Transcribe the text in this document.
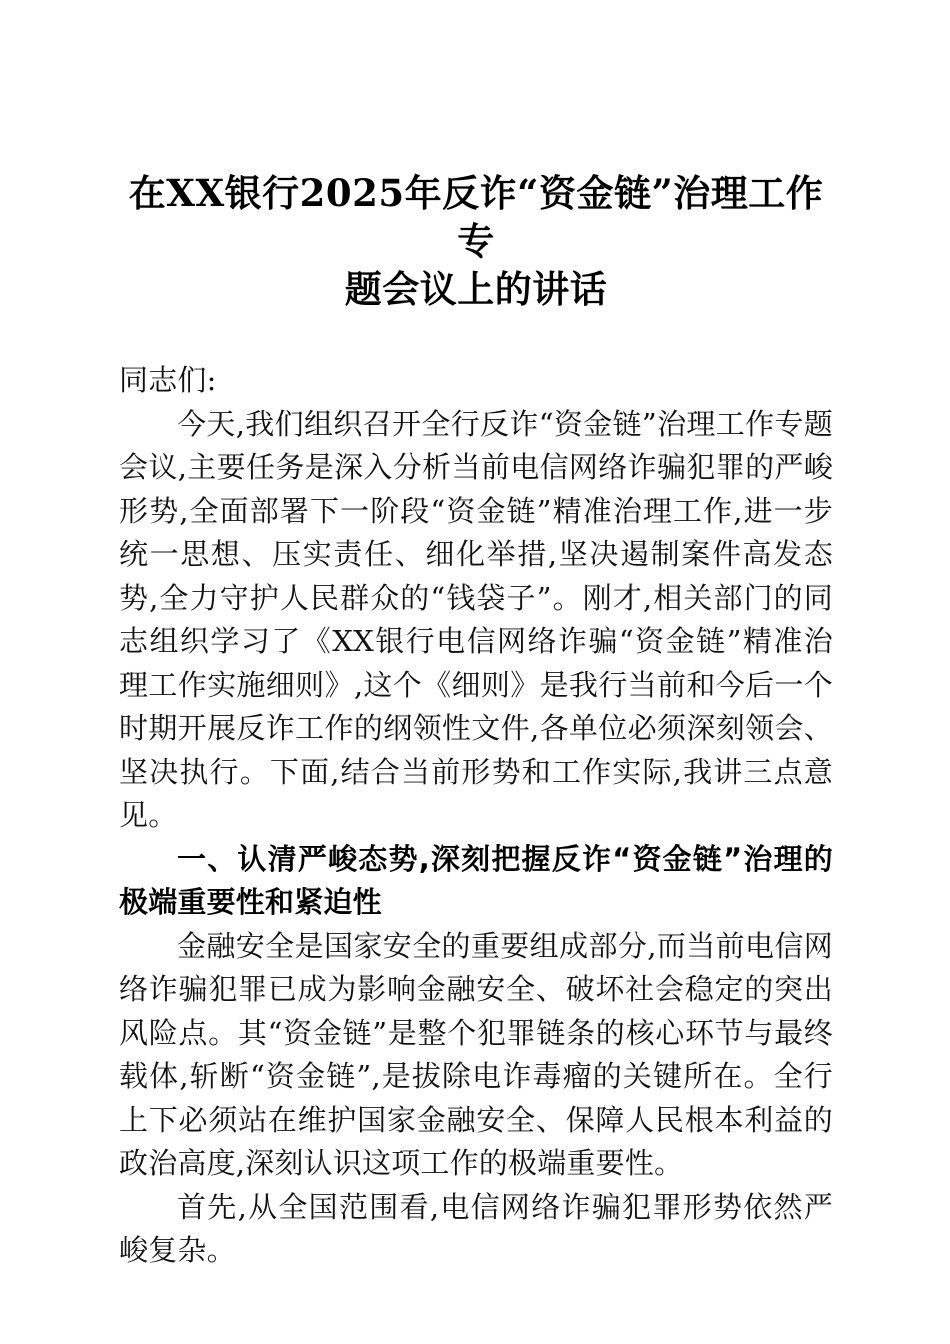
在XX银行2025年反诈“资金链”治理工作专
题会议上的讲话

同志们:

今天,我们组织召开全行反诈“资金链”治理工作专题会议,主要任务是深入分析当前电信网络诈骗犯罪的严峻形势,全面部署下一阶段“资金链”精准治理工作,进一步统一思想、压实责任、细化举措,坚决遏制案件高发态势,全力守护人民群众的“钱袋子”。刚才,相关部门的同志组织学习了《XX银行电信网络诈骗“资金链”精准治理工作实施细则》,这个《细则》是我行当前和今后一个时期开展反诈工作的纲领性文件,各单位必须深刻领会、坚决执行。下面,结合当前形势和工作实际,我讲三点意见。

一、认清严峻态势,深刻把握反诈“资金链”治理的极端重要性和紧迫性

金融安全是国家安全的重要组成部分,而当前电信网络诈骗犯罪已成为影响金融安全、破坏社会稳定的突出风险点。其“资金链”是整个犯罪链条的核心环节与最终载体,斩断“资金链”,是拔除电诈毒瘤的关键所在。全行上下必须站在维护国家金融安全、保障人民根本利益的政治高度,深刻认识这项工作的极端重要性。

首先,从全国范围看,电信网络诈骗犯罪形势依然严峻复杂。
